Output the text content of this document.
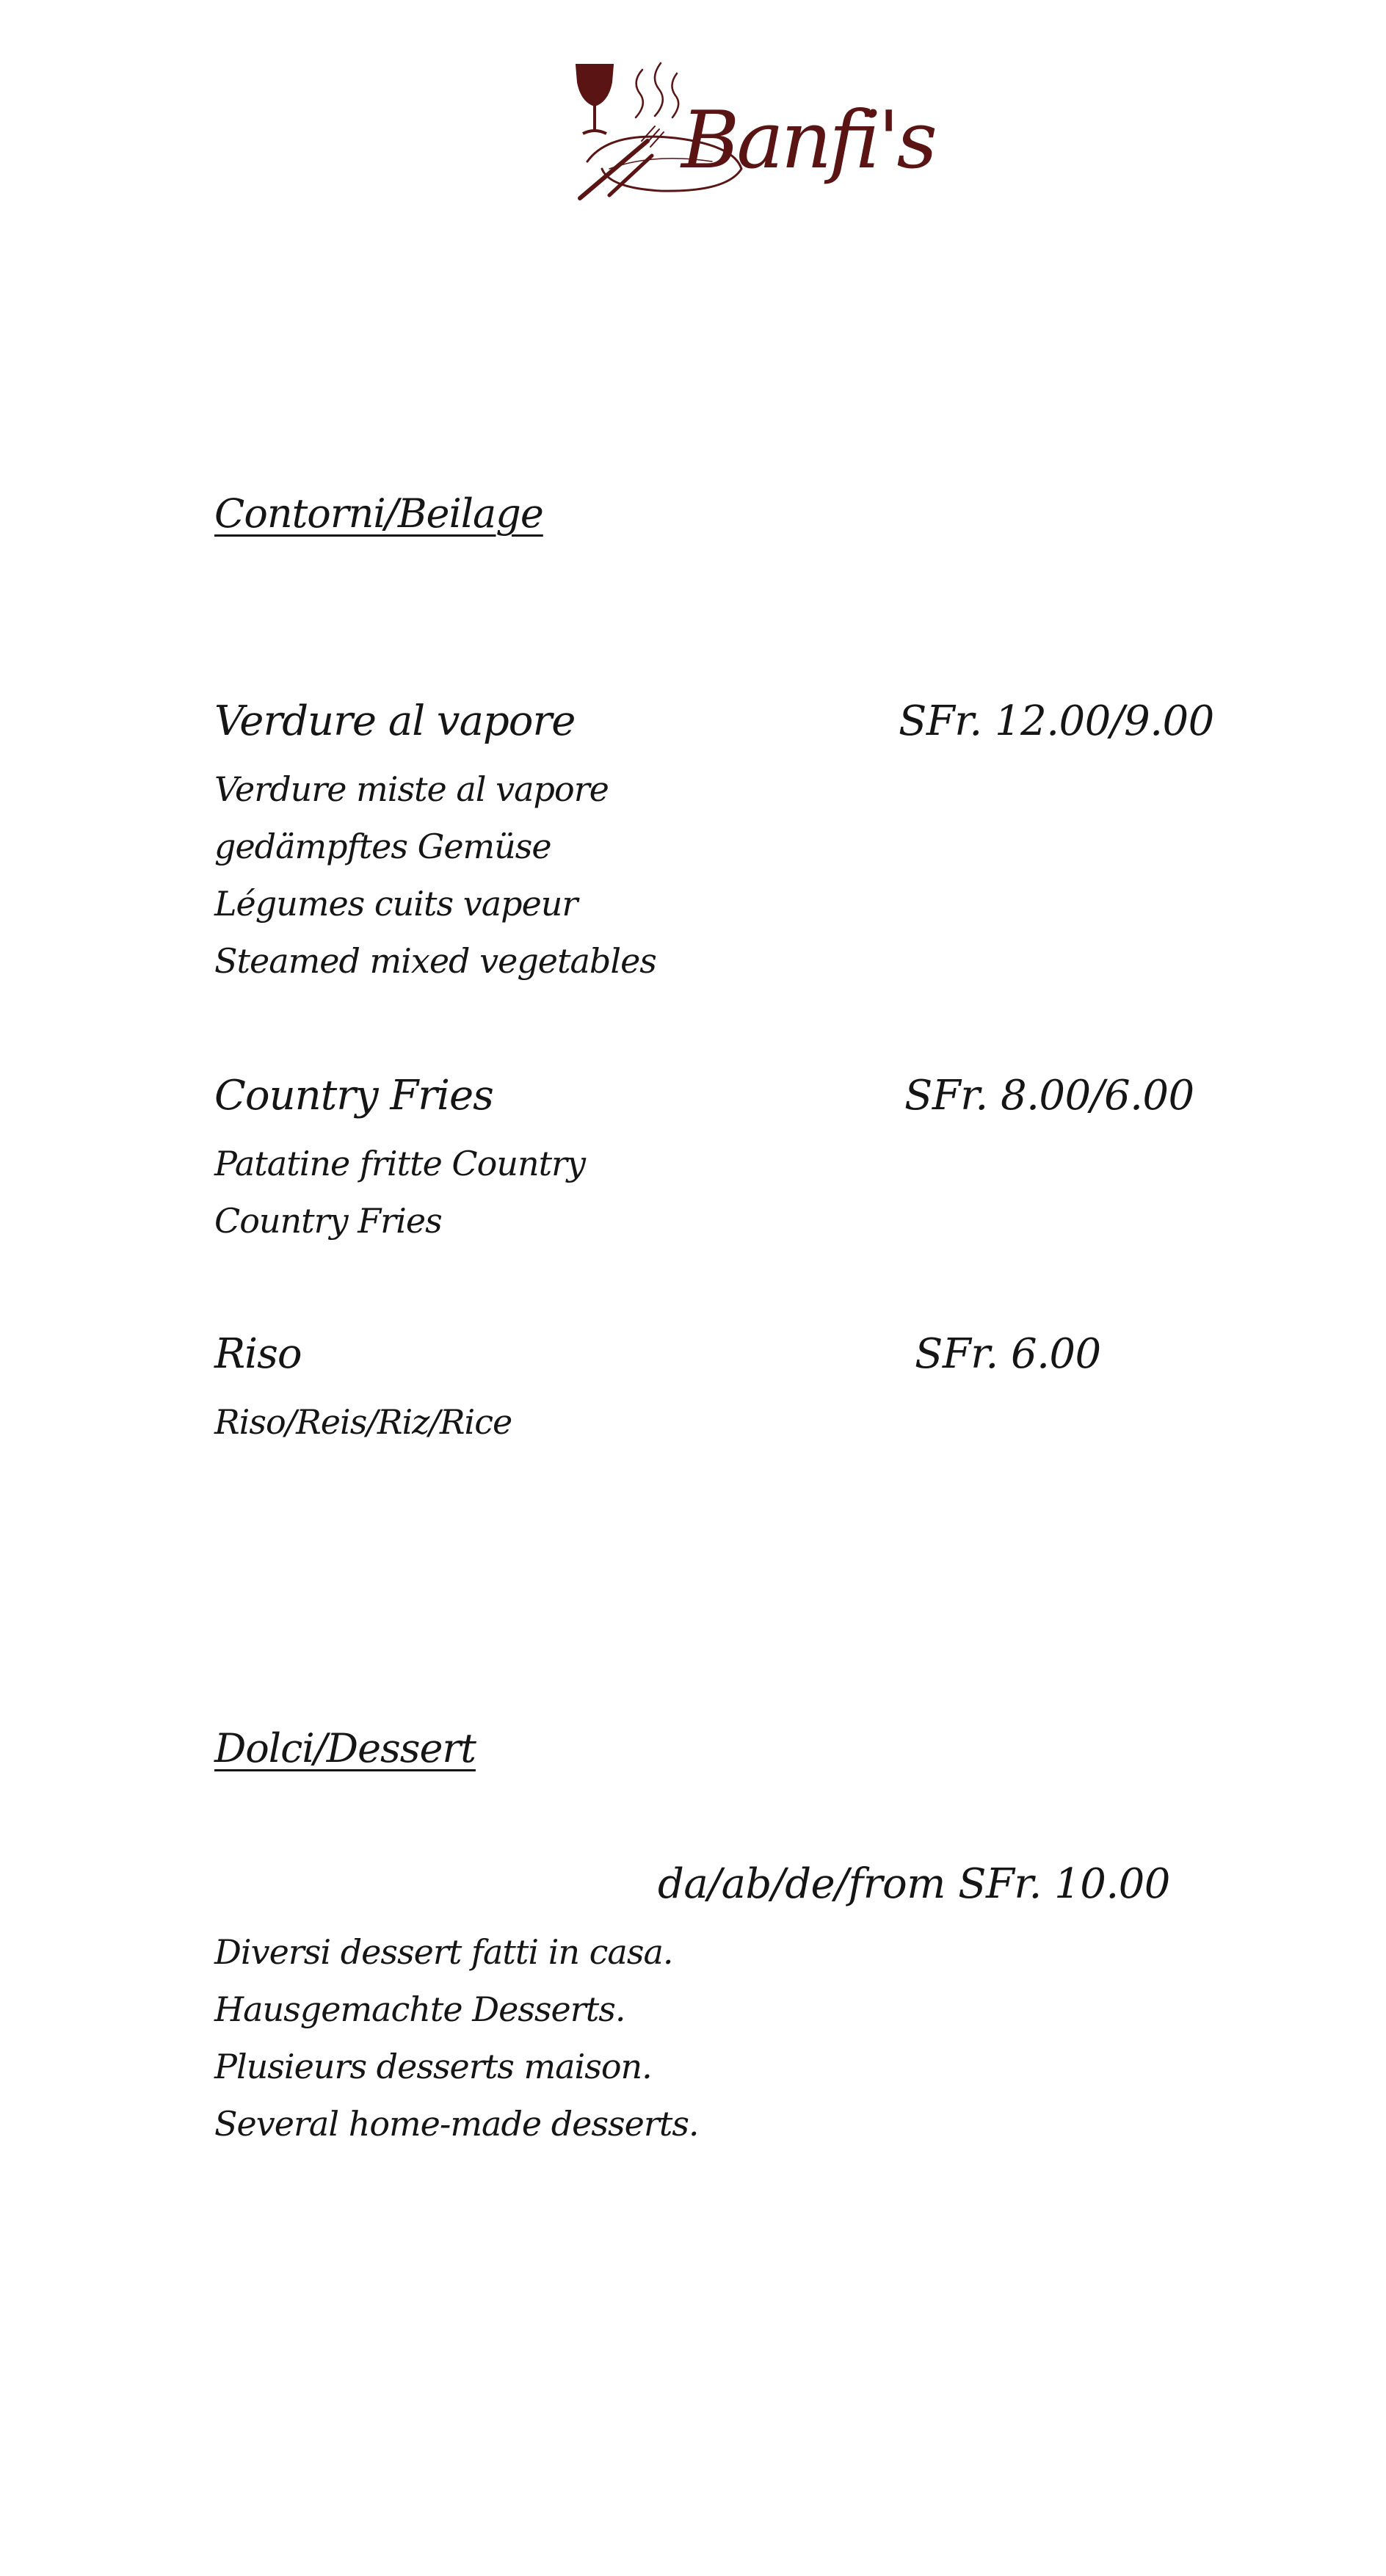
Banfi's
Contorni/Beilage
Verdure al vapore	SFr. 12.00/9.00
Verdure miste al vapore
gedämpftes Gemüse
Légumes cuits vapeur
Steamed mixed vegetables
Country Fries	SFr. 8.00/6.00
Patatine fritte Country
Country Fries
Riso	SFr. 6.00
Riso/Reis/Riz/Rice
Dolci/Dessert
da/ab/de/from SFr. 10.00
Diversi dessert fatti in casa.
Hausgemachte Desserts.
Plusieurs desserts maison.
Several home-made desserts.
